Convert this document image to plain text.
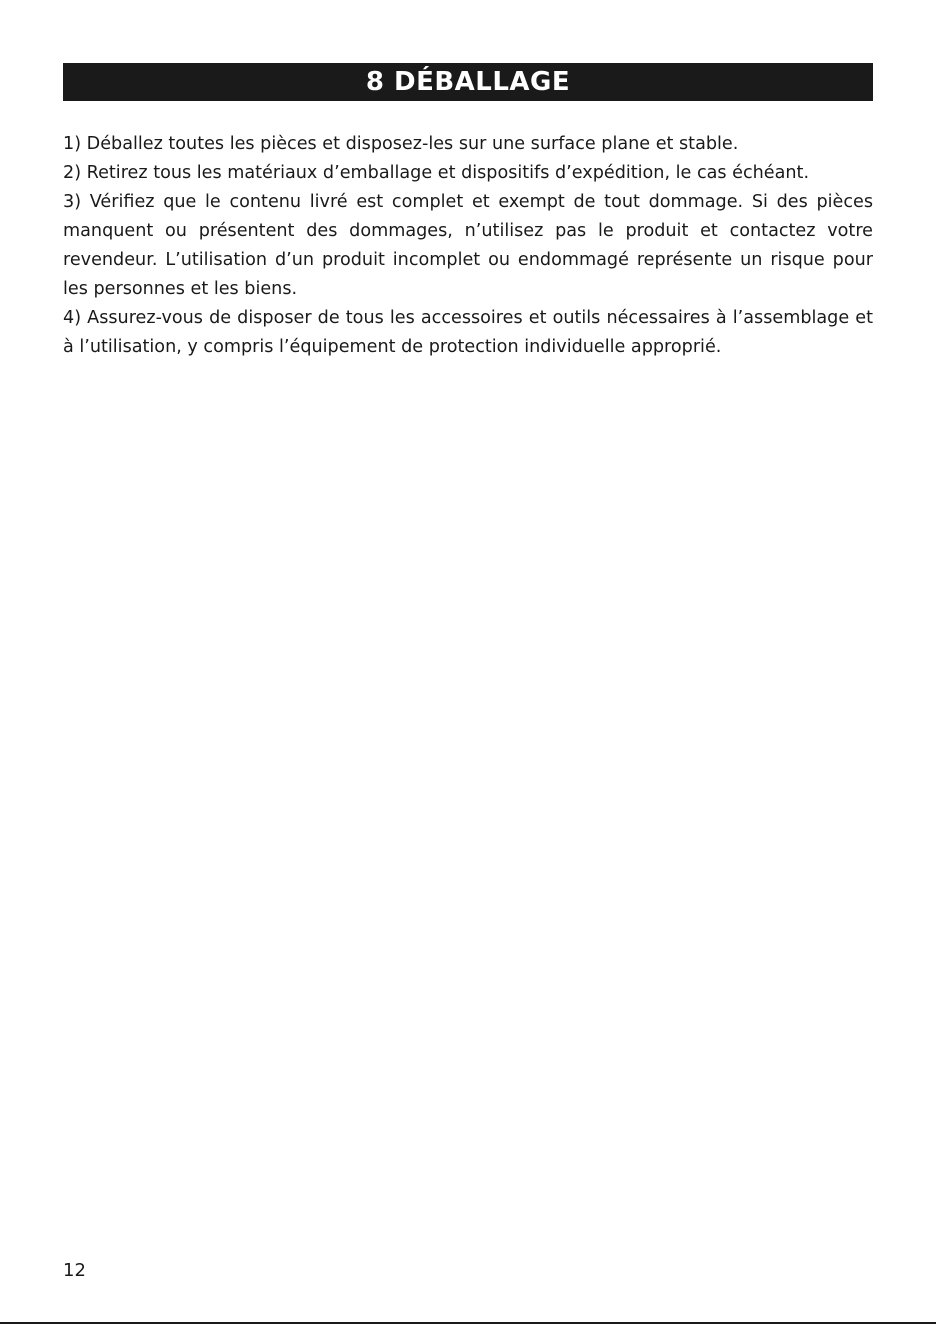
8 DÉBALLAGE

1) Déballez toutes les pièces et disposez-les sur une surface plane et stable.

2) Retirez tous les matériaux d’emballage et dispositifs d’expédition, le cas échéant.

3) Vérifiez que le contenu livré est complet et exempt de tout dommage. Si des pièces manquent ou présentent des dommages, n’utilisez pas le produit et contactez votre revendeur. L’utilisation d’un produit incomplet ou endommagé représente un risque pour les personnes et les biens.

4) Assurez-vous de disposer de tous les accessoires et outils nécessaires à l’assemblage et à l’utilisation, y compris l’équipement de protection individuelle approprié.

12
